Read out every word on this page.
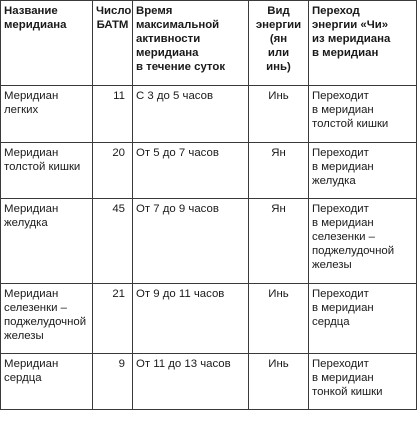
Название
меридиана	Число
БАТМ	Время
максимальной
активности
меридиана
в течение суток	Вид
энергии
(ян
или
инь)	Переход
энергии «Чи»
из меридиана
в меридиан

Меридиан
легких	11	С 3 до 5 часов	Инь	Переходит
в меридиан
толстой кишки

Меридиан
толстой кишки	20	От 5 до 7 часов	Ян	Переходит
в меридиан
желудка

Меридиан
желудка	45	От 7 до 9 часов	Ян	Переходит
в меридиан
селезенки –
поджелудочной
железы

Меридиан
селезенки –
поджелудочной
железы	21	От 9 до 11 часов	Инь	Переходит
в меридиан
сердца

Меридиан
сердца	9	От 11 до 13 часов	Инь	Переходит
в меридиан
тонкой кишки
